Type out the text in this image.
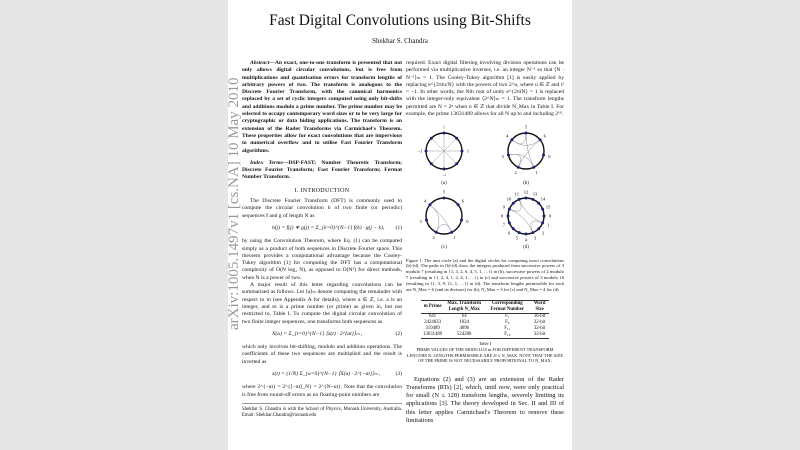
arXiv:1005.1497v1 [cs.NA] 10 May 2010
Fast Digital Convolutions using Bit-Shifts
Shekhar S. Chandra

Abstract—An exact, one-to-one transform is presented that not only allows digital circular convolutions, but is free from multiplications and quantisation errors for transform lengths of arbitrary powers of two. The transform is analogous to the Discrete Fourier Transform, with the canonical harmonics replaced by a set of cyclic integers computed using only bit-shifts and additions modulo a prime number. The prime number may be selected to occupy contemporary word sizes or to be very large for cryptographic or data hiding applications. The transform is an extension of the Rader Transforms via Carmichael's Theorem. These properties allow for exact convolutions that are impervious to numerical overflow and to utilise Fast Fourier Transform algorithms.

Index Terms—DSP-FAST; Number Theoretic Transform; Discrete Fourier Transform; Fast Fourier Transform; Fermat Number Transform.

I. INTRODUCTION

The Discrete Fourier Transform (DFT) is commonly used to compute the circular convolution h of two finite (or periodic) sequences f and g of length N as

h(j) = f(j) ∗ g(j) = Σ_{k=0}^{N−1} f(k) · g(j − k), (1)

by using the Convolution Theorem, where Eq. (1) can be computed simply as a product of both sequences in Discrete Fourier space. This theorem provides a computational advantage because the Cooley-Tukey algorithm [1] for computing the DFT has a computational complexity of O(N log₂ N), as opposed to O(N²) for direct methods, when N is a power of two.

A major result of this letter regarding convolutions can be summarised as follows. Let ⟨a⟩ₘ denote computing the remainder with respect to m (see Appendix A for details), where a ∈ ℤ, i.e. a is an integer, and m is a prime number (or prime) as given in, but not restricted to, Table I. To compute the digital circular convolution of two finite integer sequences, one transforms both sequences as

X(u) = Σ_{t=0}^{N−1} ⟨x(t) · 2^{ut}⟩ₘ ,	(2)

which only involves bit-shifting, modulo and addition operations. The coefficients of these two sequences are multiplied and the result is inverted as

x(t) = (1/N) Σ_{u=0}^{N−1} ⟨X(u) · 2^{−ut}⟩ₘ ,	(3)

where 2^{−ut} = 2^{⟨−ut⟩_N} = 2^{N−ut}. Note that the convolution is free from round-off errors as no floating-point numbers are

Shekhar S. Chandra is with the School of Physics, Monash University, Australia. Email: Shekhar.Chandra@monash.edu

required. Exact digital filtering involving division operations can be performed via multiplicative inverses, i.e. an integer N⁻¹ so that ⟨N · N⁻¹⟩ₘ = 1. The Cooley-Tukey algorithm [1] is easily applied by replacing e^{2πiu/N} with the powers of two 2^u, where u ∈ ℤ and i² = −1. In other words, the Nth root of unity e^{2πiN} = 1 is replaced with the integer-only equivalent ⟨2^N⟩ₘ = 1. The transform lengths permitted are N = 2ⁿ when n ∈ ℤ that divide N_Max in Table I. For example, the prime 13631489 allows for all N up to and including 2¹⁹.

i
−1	1
−i

(a)
5
4	6
3	0
2	1

(b)
5
4	6
3	0
2	1

(c)
12
11	13
10	14
9	15
8	0
7	1
6	2
5	3
4

(d)

Figure 1. The unit circle (a) and the digital circles for computing exact convolutions (b)-(d). The paths in (b)-(d) show the integers produced from successive powers of 3 modulo 7 (resulting in {1, 3, 2, 6, 4, 5, 1, …}) in (b), successive powers of 2 modulo 7 (resulting in {1, 2, 4, 1, 2, 4, 1, …}) in (c) and successive powers of 3 modulo 16 (resulting in {1, 3, 9, 11, 1, …}) in (d). The transform lengths permissible for each are N_Max = 6 (and its divisors) for (b), N_Max = 3 for (c) and N_Max = 4 for (d).

m Prime	Max. Transform Length N_Max	Corresponding Fermat Number	Word Size
641	64	F₅	16-bit
2424833	1024	F₉	32-bit
319489	4096	F₁₁	32-bit
13631489	524288	F₁₈	32-bit
Table I
PRIME VALUES OF THE MODULUS m FOR DIFFERENT TRANSFORM LENGTHS N. LENGTHS PERMISSIBLE ARE 2ⁿ ≤ N_MAX. NOTE THAT THE SIZE OF THE PRIME IS NOT NECESSARILY PROPORTIONAL TO N_MAX.

Equations (2) and (3) are an extension of the Rader Transforms (RTs) [2], which, until now, were only practical for small (N ≤ 128) transform lengths, severely limiting its applications [3]. The theory developed in Sec. II and III of this letter applies Carmichael's Theorem to remove these limitations
